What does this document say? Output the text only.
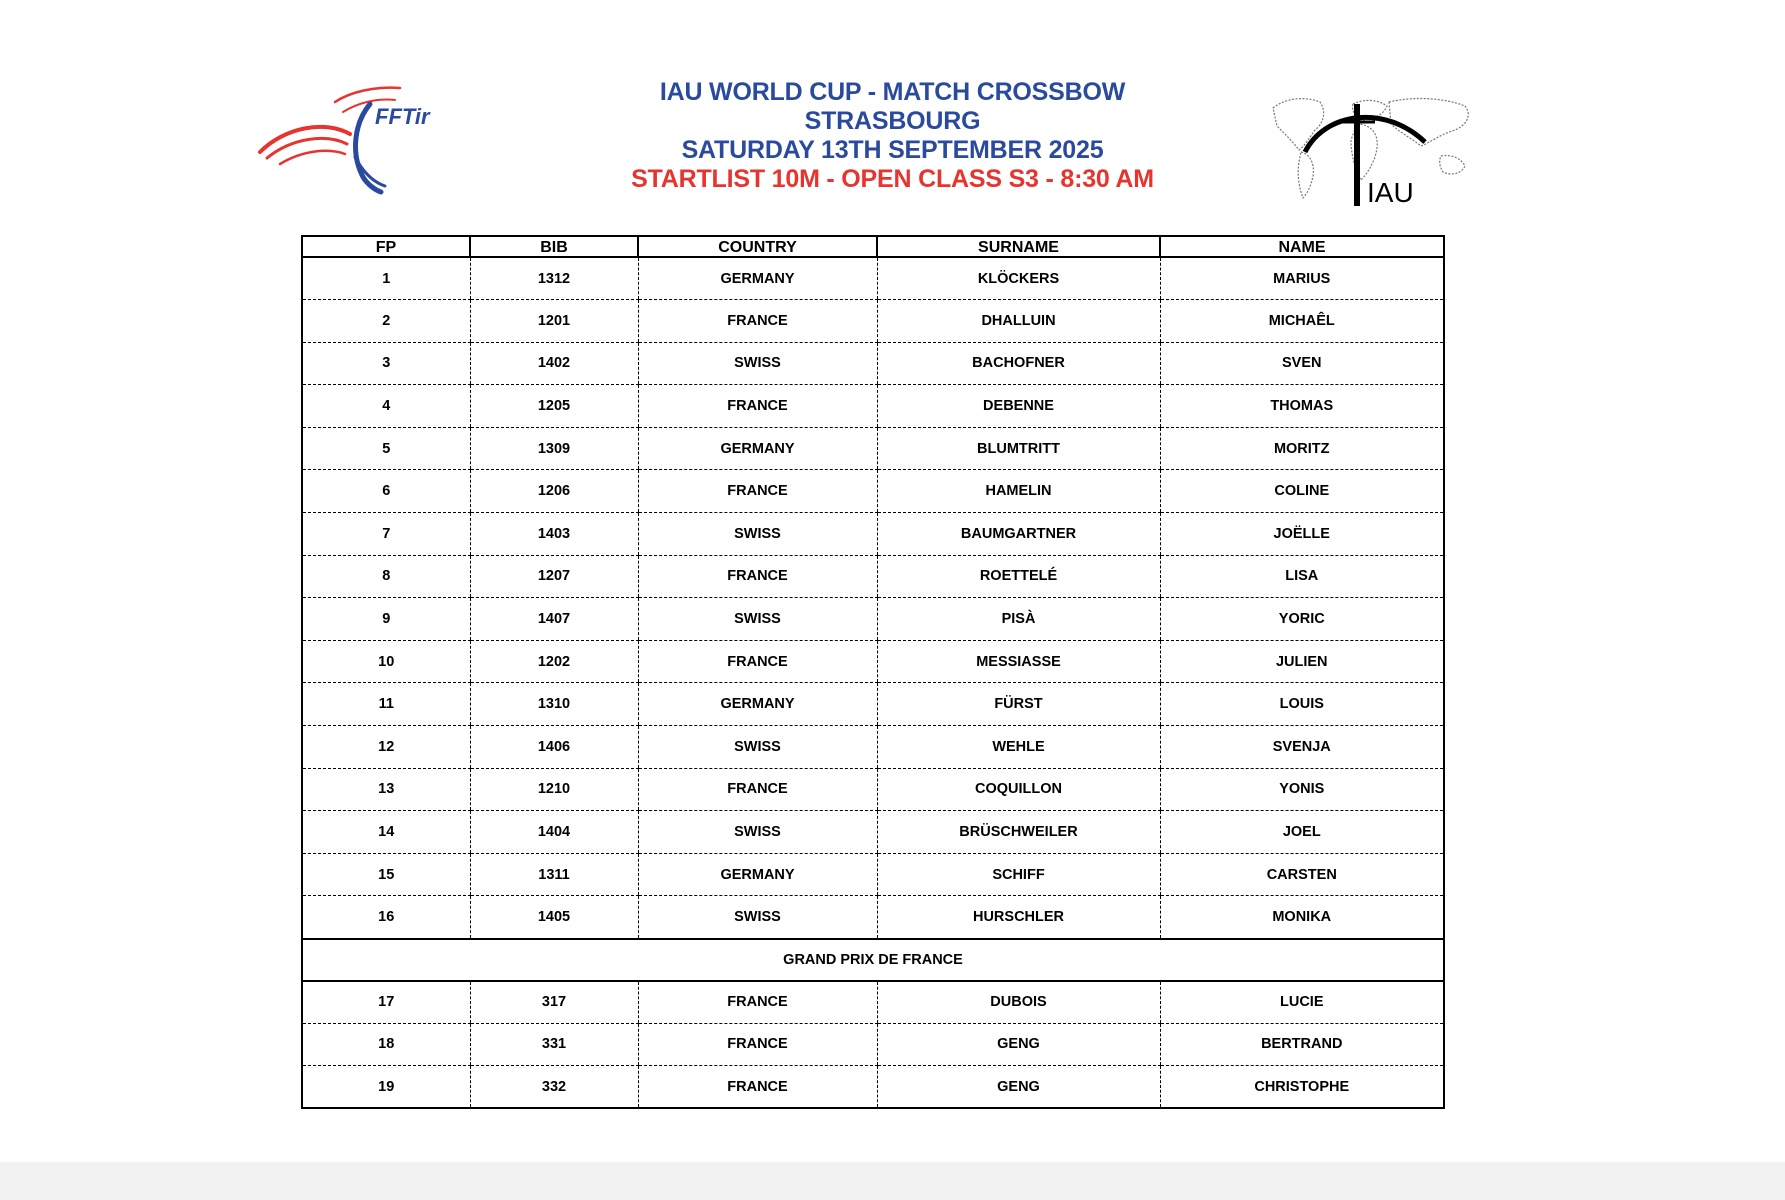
FFTir
IAU WORLD CUP - MATCH CROSSBOW
STRASBOURG
SATURDAY 13TH SEPTEMBER 2025
STARTLIST 10M - OPEN CLASS S3 - 8:30 AM	IAU
FP	BIB	COUNTRY	SURNAME	NAME
1	1312	GERMANY	KLÖCKERS	MARIUS
2	1201	FRANCE	DHALLUIN	MICHAÊL
3	1402	SWISS	BACHOFNER	SVEN
4	1205	FRANCE	DEBENNE	THOMAS
5	1309	GERMANY	BLUMTRITT	MORITZ
6	1206	FRANCE	HAMELIN	COLINE
7	1403	SWISS	BAUMGARTNER	JOËLLE
8	1207	FRANCE	ROETTELÉ	LISA
9	1407	SWISS	PISÀ	YORIC
10	1202	FRANCE	MESSIASSE	JULIEN
11	1310	GERMANY	FÜRST	LOUIS
12	1406	SWISS	WEHLE	SVENJA
13	1210	FRANCE	COQUILLON	YONIS
14	1404	SWISS	BRÜSCHWEILER	JOEL
15	1311	GERMANY	SCHIFF	CARSTEN
16	1405	SWISS	HURSCHLER	MONIKA
GRAND PRIX DE FRANCE				
17	317	FRANCE	DUBOIS	LUCIE
18	331	FRANCE	GENG	BERTRAND
19	332	FRANCE	GENG	CHRISTOPHE
